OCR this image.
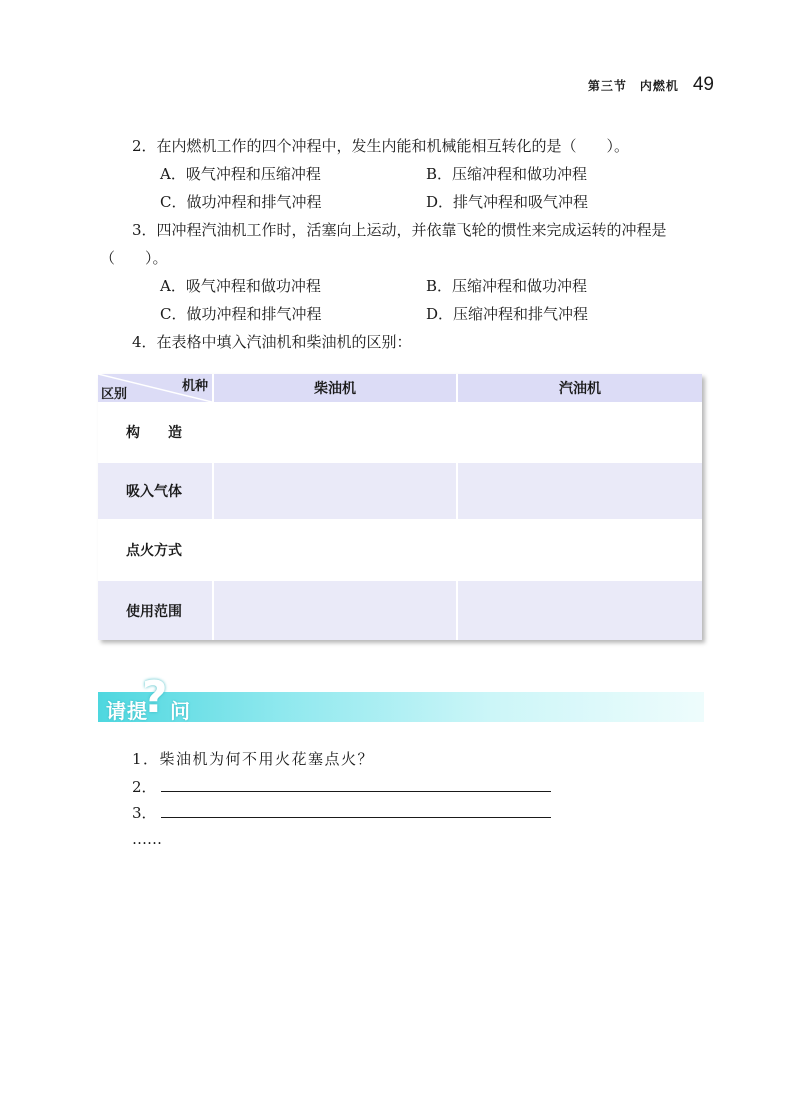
第三节　内燃机 49
2．在内燃机工作的四个冲程中，发生内能和机械能相互转化的是（　　）。
A．吸气冲程和压缩冲程	B．压缩冲程和做功冲程
C．做功冲程和排气冲程	D．排气冲程和吸气冲程
3．四冲程汽油机工作时，活塞向上运动，并依靠飞轮的惯性来完成运转的冲程是
（　　）。
A．吸气冲程和做功冲程	B．压缩冲程和做功冲程
C．做功冲程和排气冲程	D．压缩冲程和排气冲程
4．在表格中填入汽油机和柴油机的区别：
机种
区别	柴油机	汽油机
构　　造
吸入气体
点火方式
使用范围
请提
? 问
1．柴油机为何不用火花塞点火？
2．
3．
……
